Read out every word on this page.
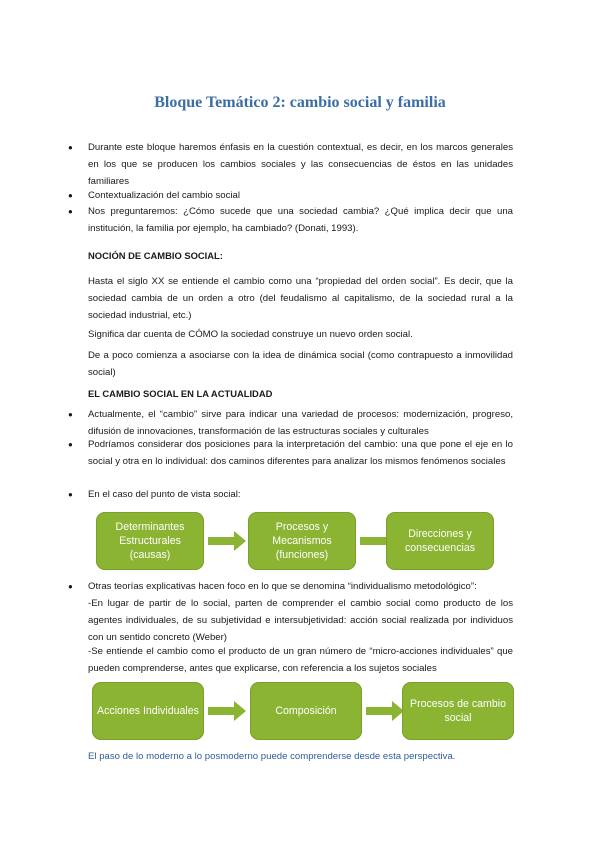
Bloque Temático 2: cambio social y familia
● Durante este bloque haremos énfasis en la cuestión contextual, es decir, en los marcos generales en los que se producen los cambios sociales y las consecuencias de éstos en las unidades familiares

● Contextualización del cambio social

● Nos preguntaremos: ¿Cómo sucede que una sociedad cambia? ¿Qué implica decir que una institución, la familia por ejemplo, ha cambiado? (Donati, 1993).

NOCIÓN DE CAMBIO SOCIAL:

Hasta el siglo XX se entiende el cambio como una “propiedad del orden social”. Es decir, que la sociedad cambia de un orden a otro (del feudalismo al capitalismo, de la sociedad rural a la sociedad industrial, etc.)

Significa dar cuenta de CÓMO la sociedad construye un nuevo orden social.

De a poco comienza a asociarse con la idea de dinámica social (como contrapuesto a inmovilidad social)

EL CAMBIO SOCIAL EN LA ACTUALIDAD

● Actualmente, el “cambio” sirve para indicar una variedad de procesos: modernización, progreso, difusión de innovaciones, transformación de las estructuras sociales y culturales

● Podríamos considerar dos posiciones para la interpretación del cambio: una que pone el eje en lo social y otra en lo individual: dos caminos diferentes para analizar los mismos fenómenos sociales

● En el caso del punto de vista social:

Determinantes Estructurales (causas)
Procesos y Mecanismos (funciones)
Direcciones y consecuencias
● Otras teorías explicativas hacen foco en lo que se denomina “individualismo metodológico”:

-En lugar de partir de lo social, parten de comprender el cambio social como producto de los agentes individuales, de su subjetividad e intersubjetividad: acción social realizada por individuos con un sentido concreto (Weber)

-Se entiende el cambio como el producto de un gran número de “micro-acciones individuales” que pueden comprenderse, antes que explicarse, con referencia a los sujetos sociales

Acciones Individuales	Composición
Procesos de cambio social

El paso de lo moderno a lo posmoderno puede comprenderse desde esta perspectiva.
